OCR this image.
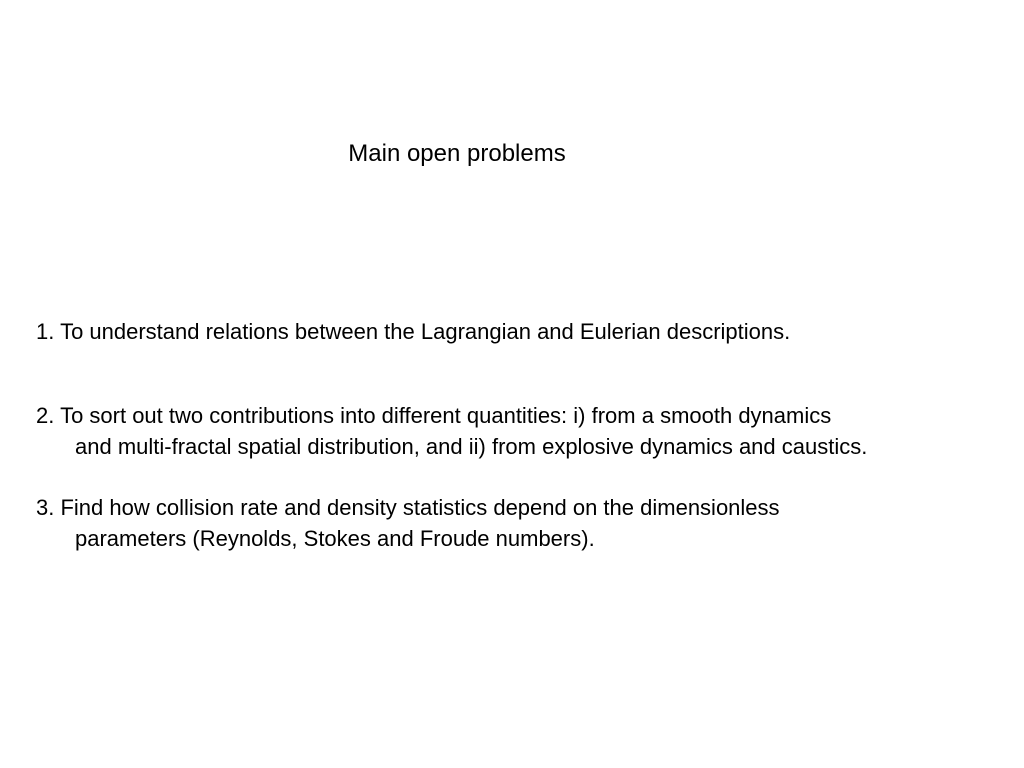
Main open problems
1. To understand relations between the Lagrangian and Eulerian descriptions.
2. To sort out two contributions into different quantities: i) from a smooth dynamics
and multi-fractal spatial distribution, and ii) from explosive dynamics and caustics.
3. Find how collision rate and density statistics depend on the dimensionless
parameters (Reynolds, Stokes and Froude numbers).
